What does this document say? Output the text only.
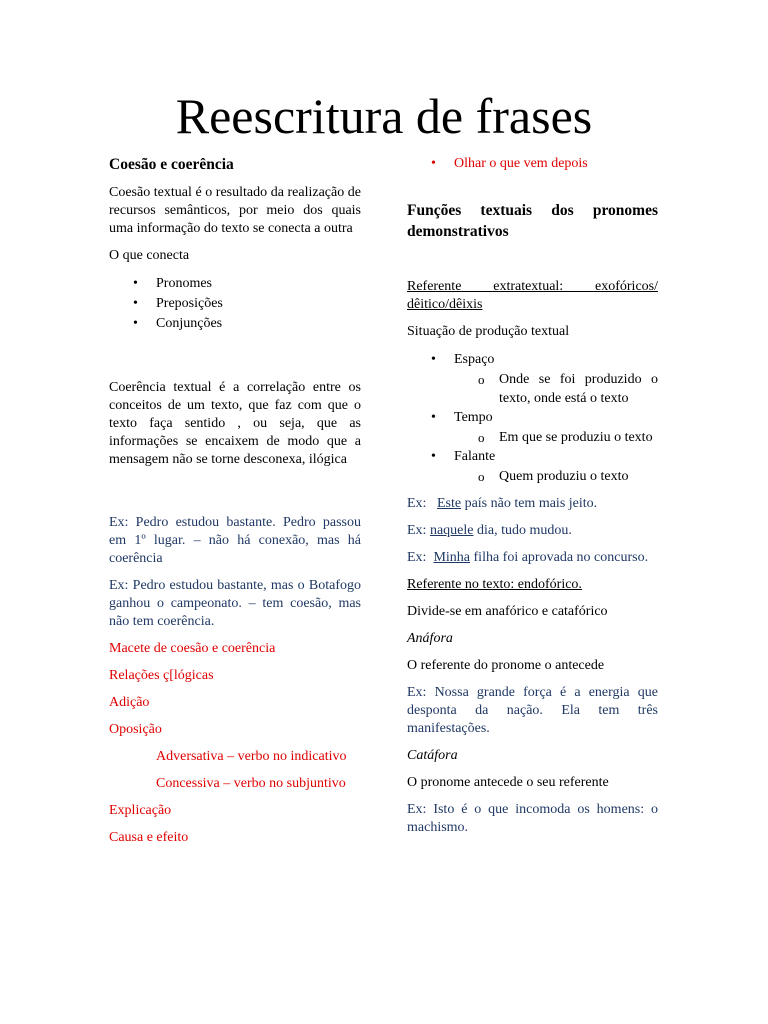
Reescritura de frases

Coesão e coerência

Coesão textual é o resultado da realização de recursos semânticos, por meio dos quais uma informação do texto se conecta a outra

O que conecta

• Pronomes
• Preposições
• Conjunções

Coerência textual é a correlação entre os conceitos de um texto, que faz com que o texto faça sentido , ou seja, que as informações se encaixem de modo que a mensagem não se torne desconexa, ilógica

Ex: Pedro estudou bastante. Pedro passou em 1º lugar. – não há conexão, mas há coerência

Ex: Pedro estudou bastante, mas o Botafogo ganhou o campeonato. – tem coesão, mas não tem coerência.

Macete de coesão e coerência

Relações ç[lógicas

Adição

Oposição

Adversativa – verbo no indicativo

Concessiva – verbo no subjuntivo

Explicação

Causa e efeito

• Olhar o que vem depois

Funções textuais dos pronomes demonstrativos

Referente extratextual: exofóricos/ dêitico/dêixis

Situação de produção textual

• Espaço
o Onde se foi produzido o texto, onde está o texto
• Tempo
o Em que se produziu o texto
• Falante
o Quem produziu o texto

Ex:   Este país não tem mais jeito.

Ex: naquele dia, tudo mudou.

Ex:  Minha filha foi aprovada no concurso.

Referente no texto: endofórico.

Divide-se em anafórico e catafórico

Anáfora

O referente do pronome o antecede

Ex: Nossa grande força é a energia que desponta da nação. Ela tem três manifestações.

Catáfora

O pronome antecede o seu referente

Ex: Isto é o que incomoda os homens: o machismo.
